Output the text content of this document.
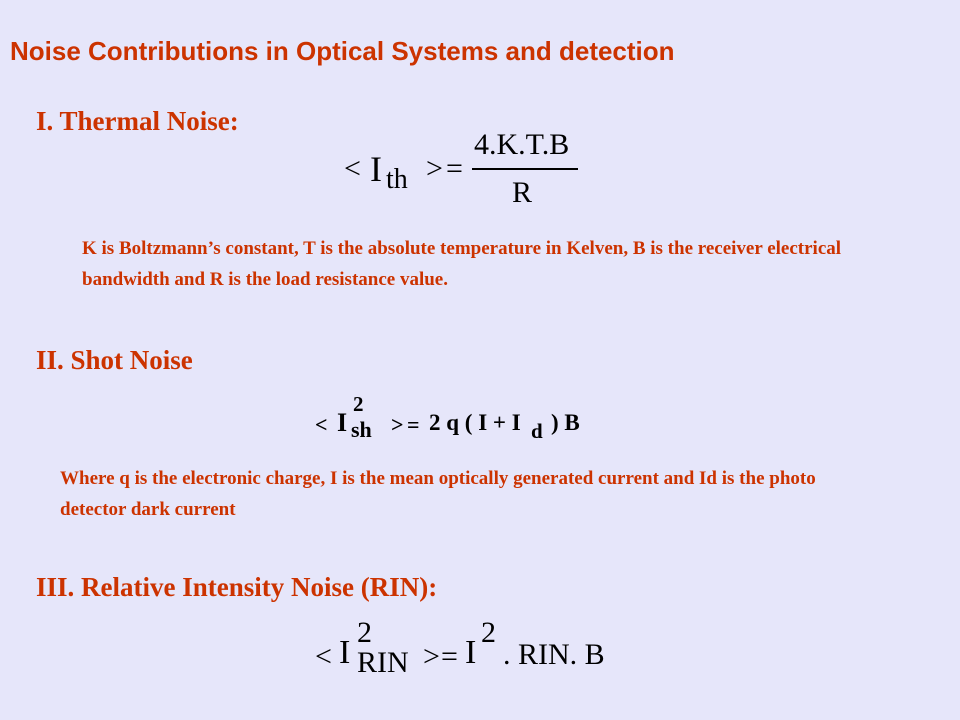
Noise Contributions in Optical Systems and detection
I. Thermal Noise:
< I th > =
4.K.T.B
R

K is Boltzmann’s constant, T is the absolute temperature in Kelven, B is the receiver electrical bandwidth and R is the load resistance value.

II. Shot Noise
< I
2
sh > = 2 q ( I + I d ) B

Where q is the electronic charge, I is the mean optically generated current and Id is the photo detector dark current

III. Relative Intensity Noise (RIN):
< I
2
RIN > = I
2
. RIN. B
